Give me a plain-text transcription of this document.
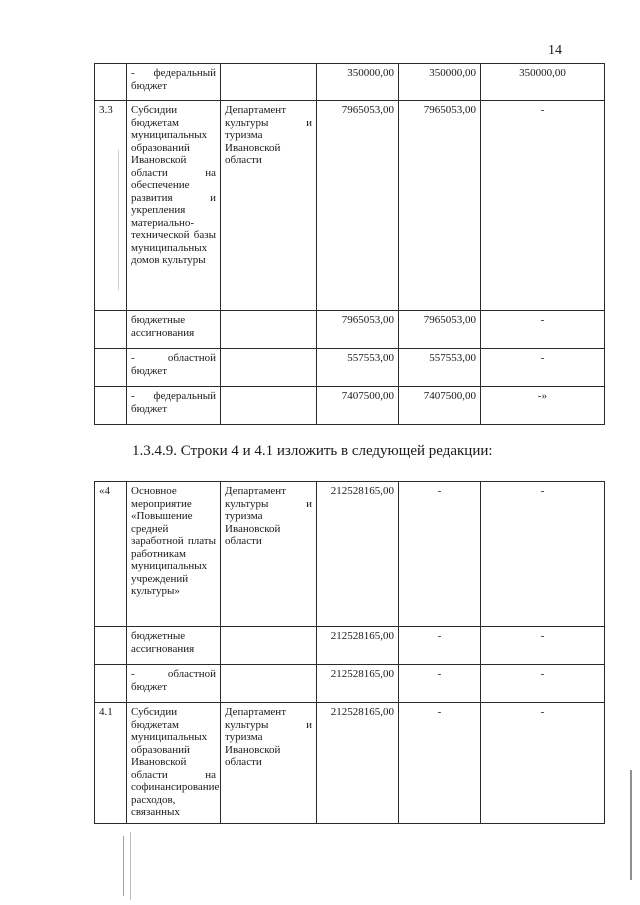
14
	- федеральный бюджет		350000,00	350000,00	350000,00
3.3	Субсидии бюджетам муниципальных образований Ивановской области на обеспечение развития и укрепления материально-технической базы муниципальных домов культуры	Департамент культуры и туризма Ивановской области	7965053,00	7965053,00	-
	бюджетные ассигнования		7965053,00	7965053,00	-
	- областной бюджет		557553,00	557553,00	-
	- федеральный бюджет		7407500,00	7407500,00	-»
1.3.4.9. Строки 4 и 4.1 изложить в следующей редакции:
«4	Основное мероприятие «Повышение средней заработной платы работникам муниципальных учреждений культуры»	Департамент культуры и туризма Ивановской области	212528165,00	-	-
	бюджетные ассигнования		212528165,00	-	-
	- областной бюджет		212528165,00	-	-
4.1	Субсидии бюджетам муниципальных образований Ивановской области на софинансирование расходов, связанных	Департамент культуры и туризма Ивановской области	212528165,00	-	-
